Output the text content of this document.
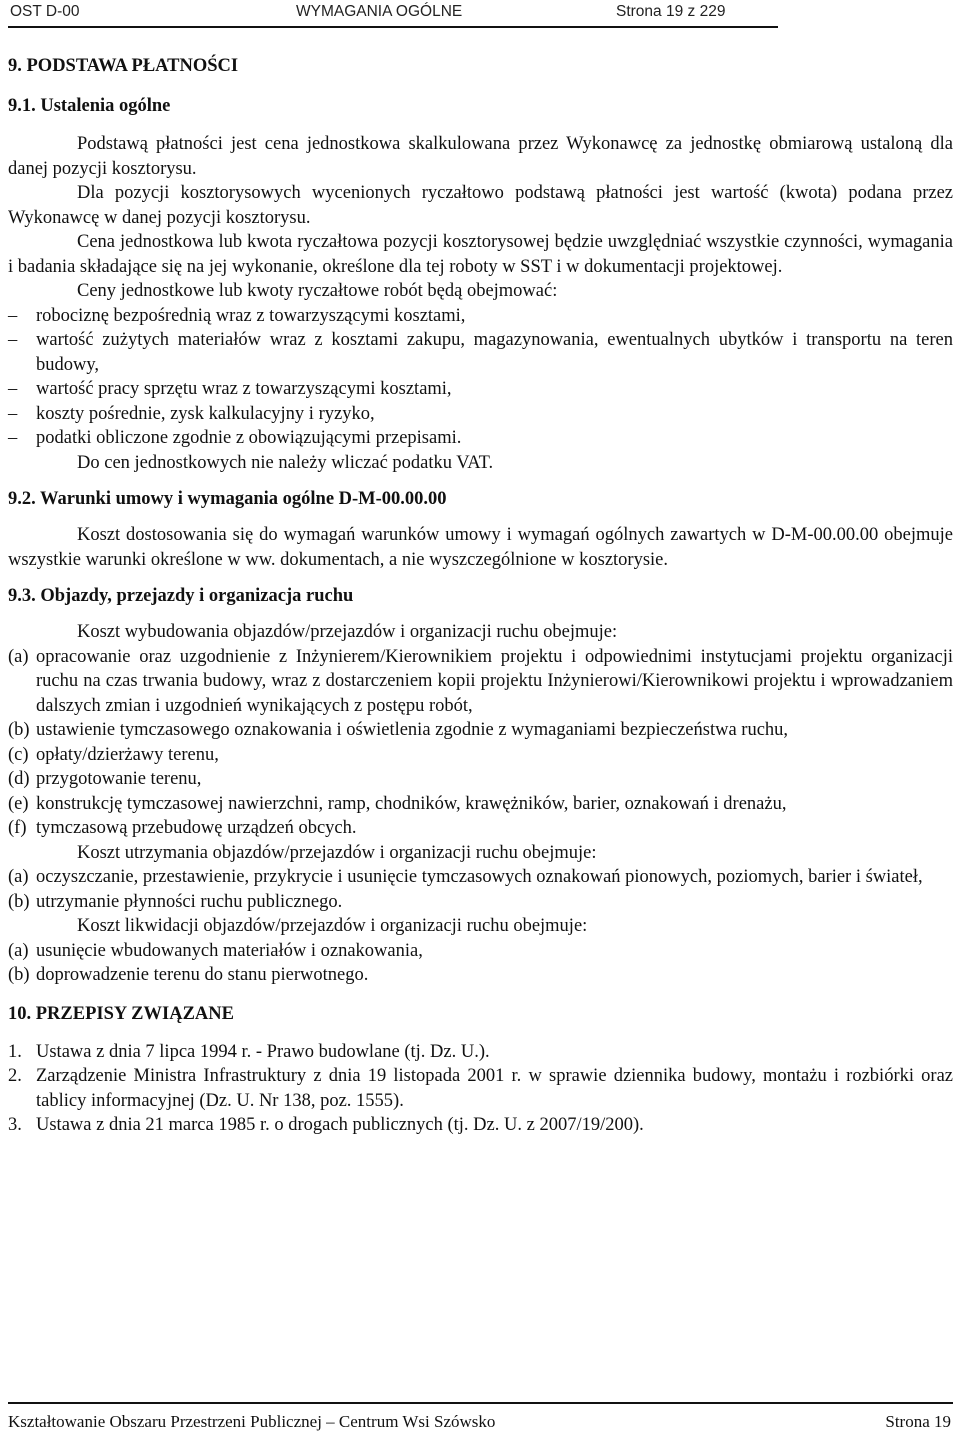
OST D-00	WYMAGANIA OGÓLNE	Strona 19 z 229

9. PODSTAWA PŁATNOŚCI

9.1. Ustalenia ogólne

Podstawą płatności jest cena jednostkowa skalkulowana przez Wykonawcę za jednostkę obmiarową ustaloną dla danej pozycji kosztorysu.

Dla pozycji kosztorysowych wycenionych ryczałtowo podstawą płatności jest wartość (kwota) podana przez Wykonawcę w danej pozycji kosztorysu.

Cena jednostkowa lub kwota ryczałtowa pozycji kosztorysowej będzie uwzględniać wszystkie czynności, wymagania i badania składające się na jej wykonanie, określone dla tej roboty w SST i w dokumentacji projektowej.

Ceny jednostkowe lub kwoty ryczałtowe robót będą obejmować:

– robociznę bezpośrednią wraz z towarzyszącymi kosztami,
– wartość zużytych materiałów wraz z kosztami zakupu, magazynowania, ewentualnych ubytków i transportu na teren budowy,
– wartość pracy sprzętu wraz z towarzyszącymi kosztami,
– koszty pośrednie, zysk kalkulacyjny i ryzyko,
– podatki obliczone zgodnie z obowiązującymi przepisami.

Do cen jednostkowych nie należy wliczać podatku VAT.

9.2. Warunki umowy i wymagania ogólne D-M-00.00.00

Koszt dostosowania się do wymagań warunków umowy i wymagań ogólnych zawartych w D-M-00.00.00 obejmuje wszystkie warunki określone w ww. dokumentach, a nie wyszczególnione w kosztorysie.

9.3. Objazdy, przejazdy i organizacja ruchu

Koszt wybudowania objazdów/przejazdów i organizacji ruchu obejmuje:

(a) opracowanie oraz uzgodnienie z Inżynierem/Kierownikiem projektu i odpowiednimi instytucjami projektu organizacji ruchu na czas trwania budowy, wraz z dostarczeniem kopii projektu Inżynierowi/Kierownikowi projektu i wprowadzaniem dalszych zmian i uzgodnień wynikających z postępu robót,
(b) ustawienie tymczasowego oznakowania i oświetlenia zgodnie z wymaganiami bezpieczeństwa ruchu,
(c) opłaty/dzierżawy terenu,
(d) przygotowanie terenu,
(e) konstrukcję tymczasowej nawierzchni, ramp, chodników, krawężników, barier, oznakowań i drenażu,
(f) tymczasową przebudowę urządzeń obcych.

Koszt utrzymania objazdów/przejazdów i organizacji ruchu obejmuje:

(a) oczyszczanie, przestawienie, przykrycie i usunięcie tymczasowych oznakowań pionowych, poziomych, barier i świateł,
(b) utrzymanie płynności ruchu publicznego.

Koszt likwidacji objazdów/przejazdów i organizacji ruchu obejmuje:

(a) usunięcie wbudowanych materiałów i oznakowania,
(b) doprowadzenie terenu do stanu pierwotnego.

10. PRZEPISY ZWIĄZANE

1. Ustawa z dnia 7 lipca 1994 r. - Prawo budowlane (tj. Dz. U.).
2. Zarządzenie Ministra Infrastruktury z dnia 19 listopada 2001 r. w sprawie dziennika budowy, montażu i rozbiórki oraz tablicy informacyjnej (Dz. U. Nr 138, poz. 1555).
3. Ustawa z dnia 21 marca 1985 r. o drogach publicznych (tj. Dz. U. z 2007/19/200).
Kształtowanie Obszaru Przestrzeni Publicznej – Centrum Wsi Szówsko	Strona 19
